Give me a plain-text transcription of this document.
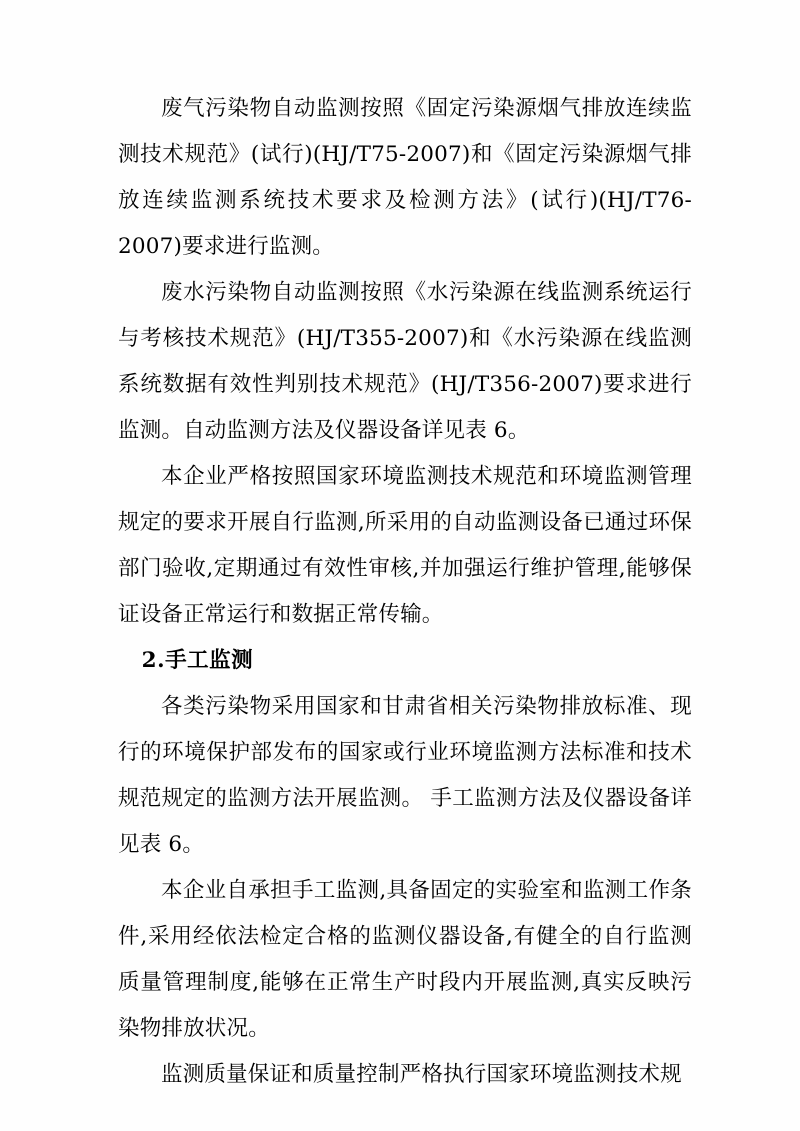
废气污染物自动监测按照《固定污染源烟气排放连续监测技术规范》(试行)(HJ/T75-2007)和《固定污染源烟气排放连续监测系统技术要求及检测方法》(试行)(HJ/T76-2007)要求进行监测。

废水污染物自动监测按照《水污染源在线监测系统运行与考核技术规范》(HJ/T355-2007)和《水污染源在线监测系统数据有效性判别技术规范》(HJ/T356-2007)要求进行监测。自动监测方法及仪器设备详见表 6。

本企业严格按照国家环境监测技术规范和环境监测管理规定的要求开展自行监测,所采用的自动监测设备已通过环保部门验收,定期通过有效性审核,并加强运行维护管理,能够保证设备正常运行和数据正常传输。

2.手工监测

各类污染物采用国家和甘肃省相关污染物排放标准、现行的环境保护部发布的国家或行业环境监测方法标准和技术规范规定的监测方法开展监测。 手工监测方法及仪器设备详见表 6。

本企业自承担手工监测,具备固定的实验室和监测工作条件,采用经依法检定合格的监测仪器设备,有健全的自行监测质量管理制度,能够在正常生产时段内开展监测,真实反映污染物排放状况。

监测质量保证和质量控制严格执行国家环境监测技术规
